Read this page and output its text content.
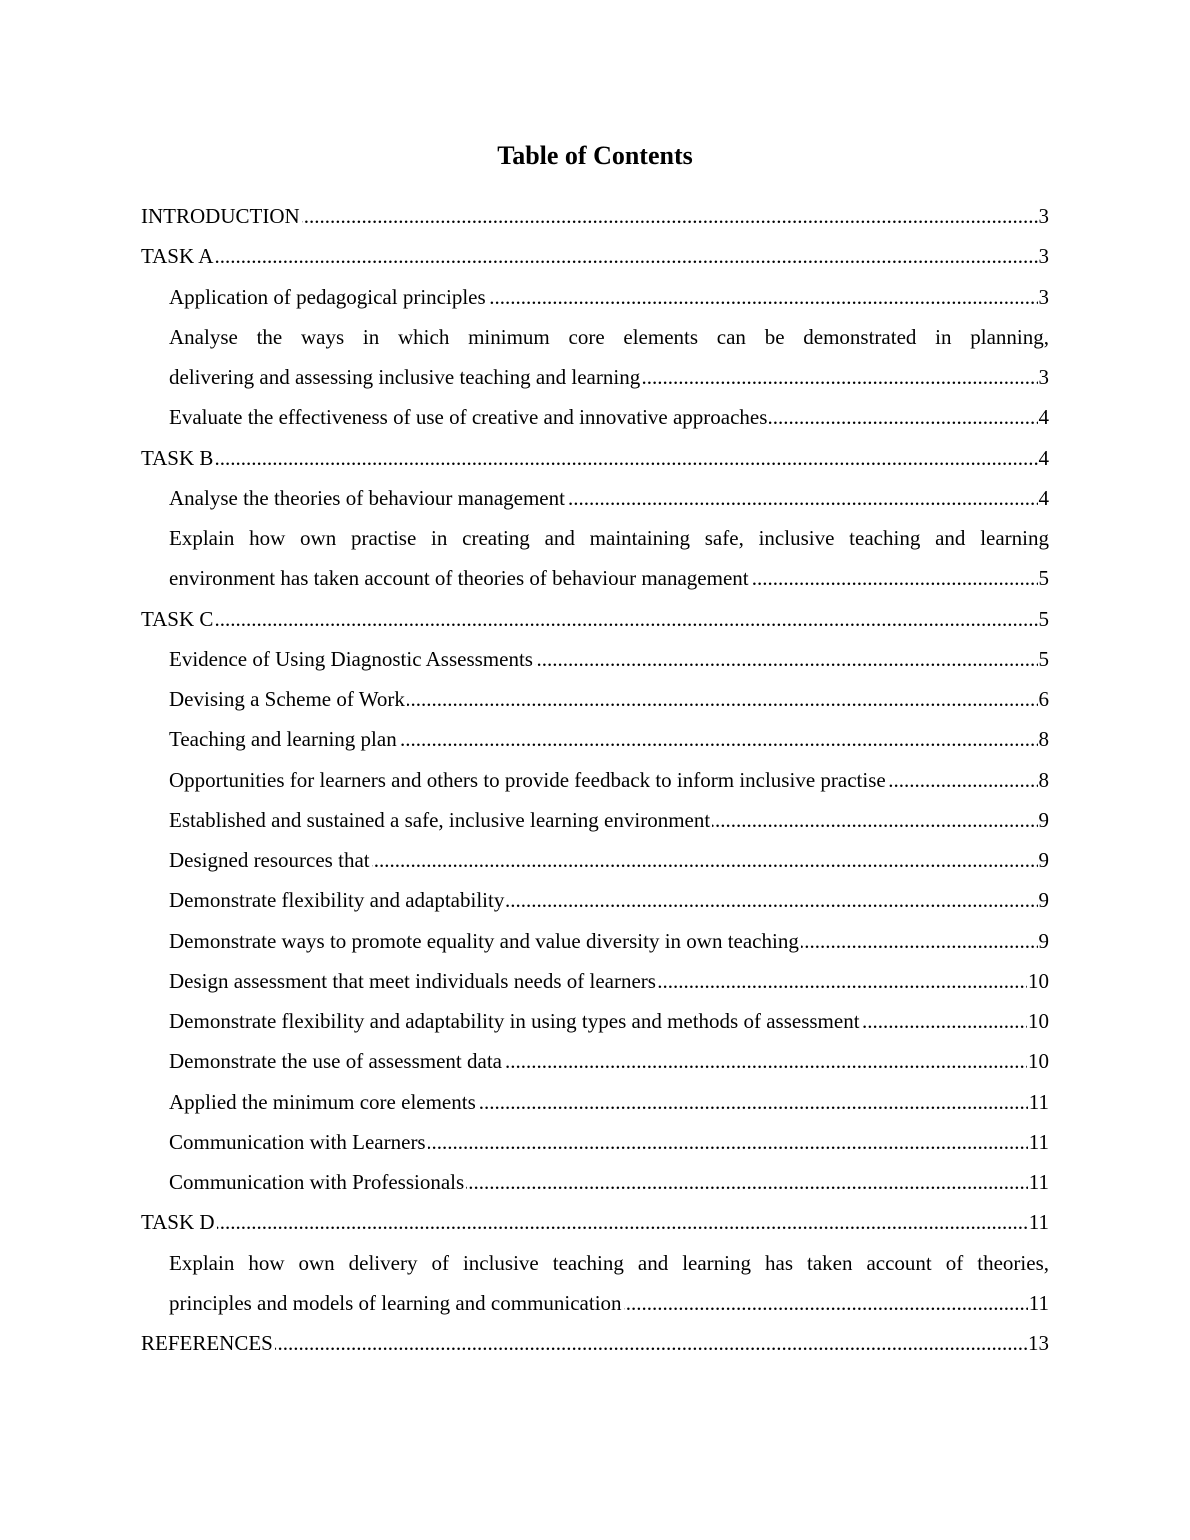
Table of Contents
.....
INTRODUCTION	3
.....
TASK A	3
.....
Application of pedagogical principles	3
Analyse the ways in which minimum core elements can be demonstrated in planning,
.....
delivering and assessing inclusive teaching and learning	3
.....
Evaluate the effectiveness of use of creative and innovative approaches	4
.....
TASK B	4
.....
Analyse the theories of behaviour management	4
Explain how own practise in creating and maintaining safe, inclusive teaching and learning
.....
environment has taken account of theories of behaviour management	5
.....
TASK C	5
.....
Evidence of Using Diagnostic Assessments	5
.....
Devising a Scheme of Work	6
.....
Teaching and learning plan	8
.....
Opportunities for learners and others to provide feedback to inform inclusive practise	8
.....
Established and sustained a safe, inclusive learning environment	9
.....
Designed resources that	9
.....
Demonstrate flexibility and adaptability	9
.....
Demonstrate ways to promote equality and value diversity in own teaching	9
.....
Design assessment that meet individuals needs of learners	10
.....
Demonstrate flexibility and adaptability in using types and methods of assessment	10
.....
Demonstrate the use of assessment data	10
.....
Applied the minimum core elements	11
.....
Communication with Learners	11
.....
Communication with Professionals	11
.....
TASK D	11
Explain how own delivery of inclusive teaching and learning has taken account of theories,
.....
principles and models of learning and communication	11
.....
REFERENCES	13
